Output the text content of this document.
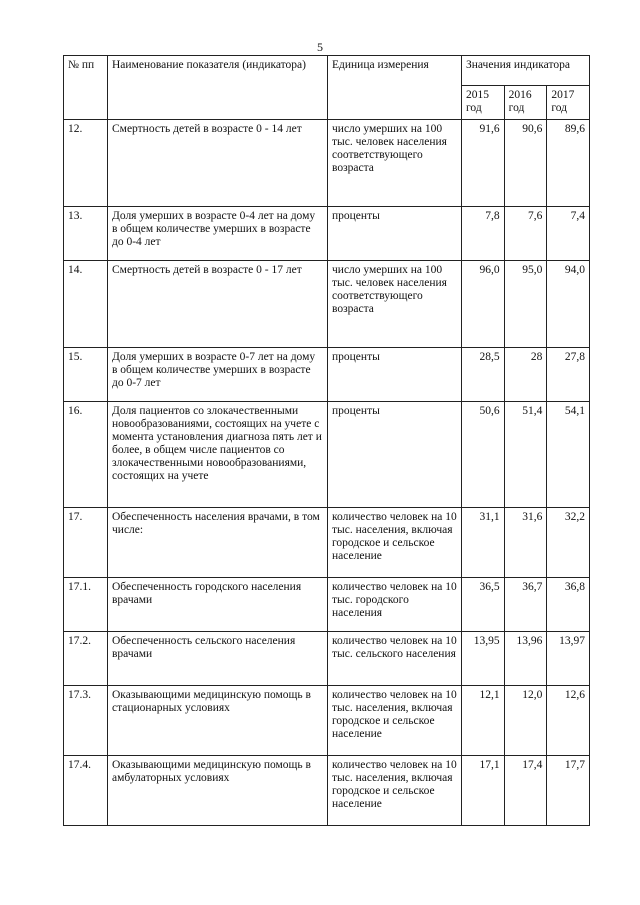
5
№ пп	Наименование показателя (индикатора)	Единица измерения	Значения индикатора		
			2015 год	2016 год	2017 год
12.	Смертность детей в возрасте 0 - 14 лет	число умерших на 100 тыс. человек населения соответствующего возраста	91,6	90,6	89,6
13.	Доля умерших в возрасте 0-4 лет на дому в общем количестве умерших в возрасте до 0-4 лет	проценты	7,8	7,6	7,4
14.	Смертность детей в возрасте 0 - 17 лет	число умерших на 100 тыс. человек населения соответствующего возраста	96,0	95,0	94,0
15.	Доля умерших в возрасте 0-7 лет на дому в общем количестве умерших в возрасте до 0-7 лет	проценты	28,5	28	27,8
16.	Доля пациентов со злокачественными новообразованиями, состоящих на учете с момента установления диагноза пять лет и более, в общем числе пациентов со злокачественными новообразованиями, состоящих на учете	проценты	50,6	51,4	54,1
17.	Обеспеченность населения врачами, в том числе:	количество человек на 10 тыс. населения, включая городское и сельское население	31,1	31,6	32,2
17.1.	Обеспеченность городского населения врачами	количество человек на 10 тыс. городского населения	36,5	36,7	36,8
17.2.	Обеспеченность сельского населения врачами	количество человек на 10 тыс. сельского населения	13,95	13,96	13,97
17.3.	Оказывающими медицинскую помощь в стационарных условиях	количество человек на 10 тыс. населения, включая городское и сельское население	12,1	12,0	12,6
17.4.	Оказывающими медицинскую помощь в амбулаторных условиях	количество человек на 10 тыс. населения, включая городское и сельское население	17,1	17,4	17,7
